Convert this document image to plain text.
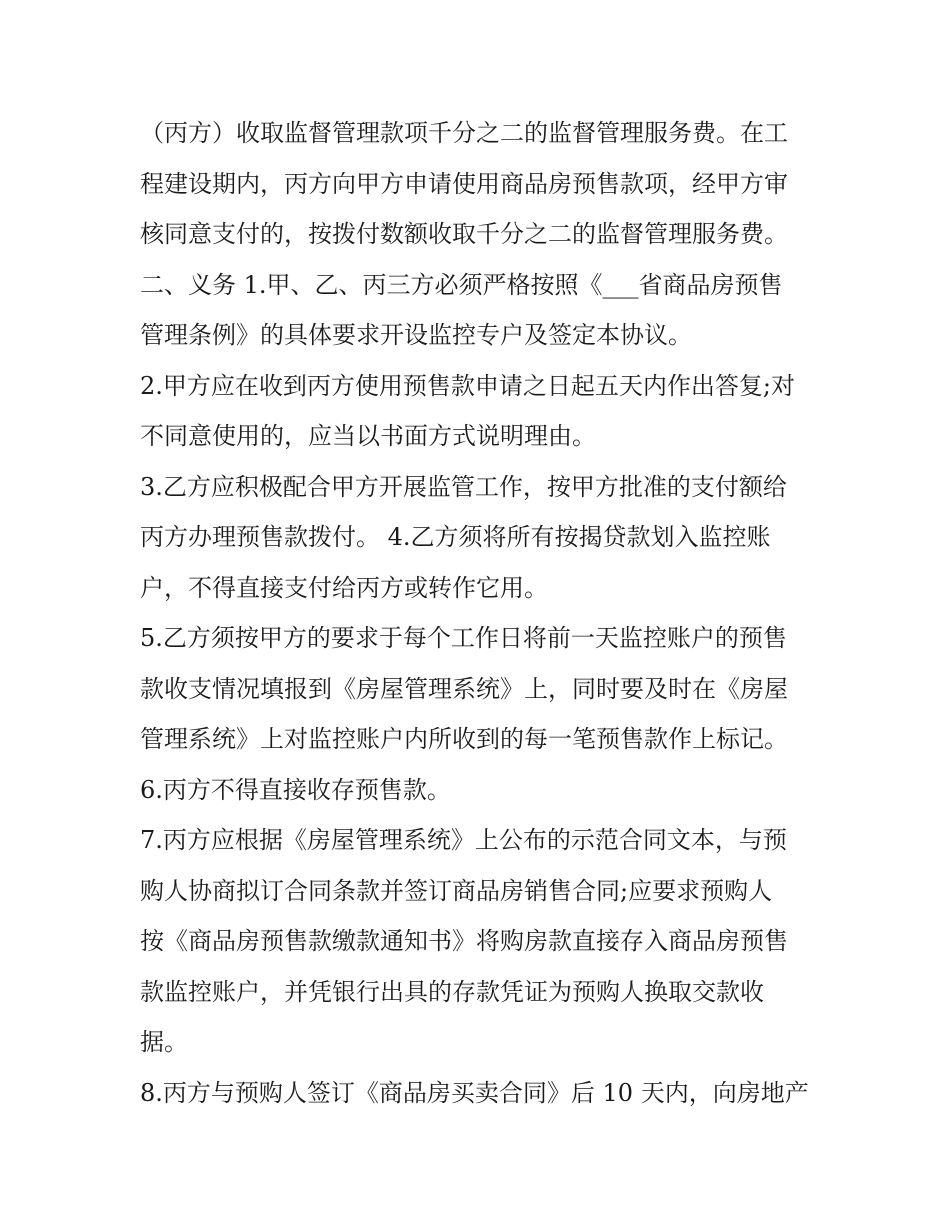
（丙方）收取监督管理款项千分之二的监督管理服务费。在工
程建设期内，丙方向甲方申请使用商品房预售款项，经甲方审
核同意支付的，按拨付数额收取千分之二的监督管理服务费。
二、义务 1.甲、乙、丙三方必须严格按照《___省商品房预售
管理条例》的具体要求开设监控专户及签定本协议。
2.甲方应在收到丙方使用预售款申请之日起五天内作出答复;对
不同意使用的，应当以书面方式说明理由。
3.乙方应积极配合甲方开展监管工作，按甲方批准的支付额给
丙方办理预售款拨付。 4.乙方须将所有按揭贷款划入监控账
户，不得直接支付给丙方或转作它用。
5.乙方须按甲方的要求于每个工作日将前一天监控账户的预售
款收支情况填报到《房屋管理系统》上，同时要及时在《房屋
管理系统》上对监控账户内所收到的每一笔预售款作上标记。
6.丙方不得直接收存预售款。
7.丙方应根据《房屋管理系统》上公布的示范合同文本，与预
购人协商拟订合同条款并签订商品房销售合同;应要求预购人
按《商品房预售款缴款通知书》将购房款直接存入商品房预售
款监控账户，并凭银行出具的存款凭证为预购人换取交款收
据。
8.丙方与预购人签订《商品房买卖合同》后 10 天内，向房地产
